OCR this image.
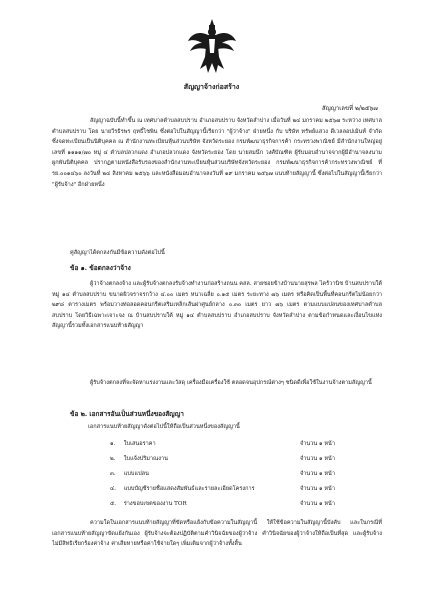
สัญญาจ้างก่อสร้าง
สัญญาเลขที่ ๒/๒๕๖๗
สัญญาฉบับนี้ทำขึ้น ณ เทศบาลตำบลสบปราบ อำเภอสบปราบ จังหวัดลำปาง เมื่อวันที่ ๒๔ มกราคม ๒๕๖๗ ระหว่าง เทศบาลตำบลสบปราบ โดย นายวีรธิรพร ฤทธิ์ไชพิน ซึ่งต่อไปในสัญญานี้เรียกว่า "ผู้ว่าจ้าง" ฝ่ายหนึ่ง กับ บริษัท ทรัพย์แสวง ดีเวลลอปเม้นท์ จำกัด ซึ่งจดทะเบียนเป็นนิติบุคคล ณ สำนักงานทะเบียนหุ้นส่วนบริษัท จังหวัดระยอง กรมพัฒนาธุรกิจการค้า กระทรวงพาณิชย์ มีสำนักงานใหญ่อยู่ เลขที่ ๑๑๑๑/๗๐ หมู่ ๔ ตำบลปลวกแดง อำเภอปลวกแดง จังหวัดระยอง โดย นายสมนึก วงศ์บัณฑิต ผู้รับมอบอำนาจจากผู้มีอำนาจลงนามผูกพันนิติบุคคล ปรากฏตามหนังสือรับรองของสำนักงานทะเบียนหุ้นส่วนบริษัทจังหวัดระยอง กรมพัฒนาธุรกิจการค้ากระทรวงพาณิชย์ ที่ รย.๐๐๑๔๖๐ ลงวันที่ ๒๔ สิงหาคม ๒๕๖๖ และหนังสือมอบอำนาจลงวันที่ ๑๙ มกราคม ๒๕๖๗ แนบท้ายสัญญานี้ ซึ่งต่อไปในสัญญานี้เรียกว่า "ผู้รับจ้าง" อีกฝ่ายหนึ่ง
คู่สัญญาได้ตกลงกันมีข้อความดังต่อไปนี้
ข้อ ๑. ข้อตกลงว่าจ้าง
ผู้ว่าจ้างตกลงจ้าง และผู้รับจ้างตกลงรับจ้างทำงานก่อสร้างถนน คสล. สายซอยข้างบ้านนายสุรพล ไคร้วานิช บ้านสบปราบใต้ หมู่ ๑๔ ตำบลสบปราบ ขนาดผิวจราจรกว้าง ๔.๐๐ เมตร หนาเฉลี่ย ๐.๑๕ เมตร ระยะทาง ๗๖ เมตร หรือคิดเป็นพื้นที่คอนกรีตไม่น้อยกว่า ๒๙๘ ตารางเมตร พร้อมวางท่อลอดคอนกรีตเสริมเหล็กเส้นผ่าศูนย์กลาง ๐.๓๐ เมตร ยาว ๗๖ เมตร ตามแบบแปลนของเทศบาลตำบลสบปราบ โดยวิธีเฉพาะเจาะจง ณ บ้านสบปราบใต้ หมู่ ๑๔ ตำบลสบปราบ อำเภอสบปราบ จังหวัดลำปาง ตามข้อกำหนดและเงื่อนไขแห่งสัญญานี้รวมทั้งเอกสารแนบท้ายสัญญา
ผู้รับจ้างตกลงที่จะจัดหาแรงงานและวัสดุ เครื่องมือเครื่องใช้ ตลอดจนอุปกรณ์ต่างๆ ชนิดดีเพื่อใช้ในงานจ้างตามสัญญานี้
ข้อ ๒. เอกสารอันเป็นส่วนหนึ่งของสัญญา
เอกสารแนบท้ายสัญญาดังต่อไปนี้ให้ถือเป็นส่วนหนึ่งของสัญญานี้
๑. ใบเสนอราคา	จำนวน ๑ หน้า
๒. ใบแจ้งปริมาณงาน	จำนวน ๑ หน้า
๓. แบบแปลน	จำนวน ๑ หน้า
๔. แบบบัญชีรายชื่อแสดงสัมพันธ์และรายละเอียดโครงการ	จำนวน ๑ หน้า
๕. ร่างขอบเขตของงาน TOR	จำนวน ๑ หน้า
ความใดในเอกสารแนบท้ายสัญญาที่ขัดหรือแย้งกับข้อความในสัญญานี้ ให้ใช้ข้อความในสัญญานี้บังคับ และในกรณีที่เอกสารแนบท้ายสัญญาขัดแย้งกันเอง ผู้รับจ้างจะต้องปฏิบัติตามคำวินิจฉัยของผู้ว่าจ้าง คำวินิจฉัยของผู้ว่าจ้างให้ถือเป็นที่สุด และผู้รับจ้างไม่มีสิทธิเรียกร้องค่าจ้าง ค่าเสียหายหรือค่าใช้จ่ายใดๆ เพิ่มเติมจากผู้ว่าจ้างทั้งสิ้น
